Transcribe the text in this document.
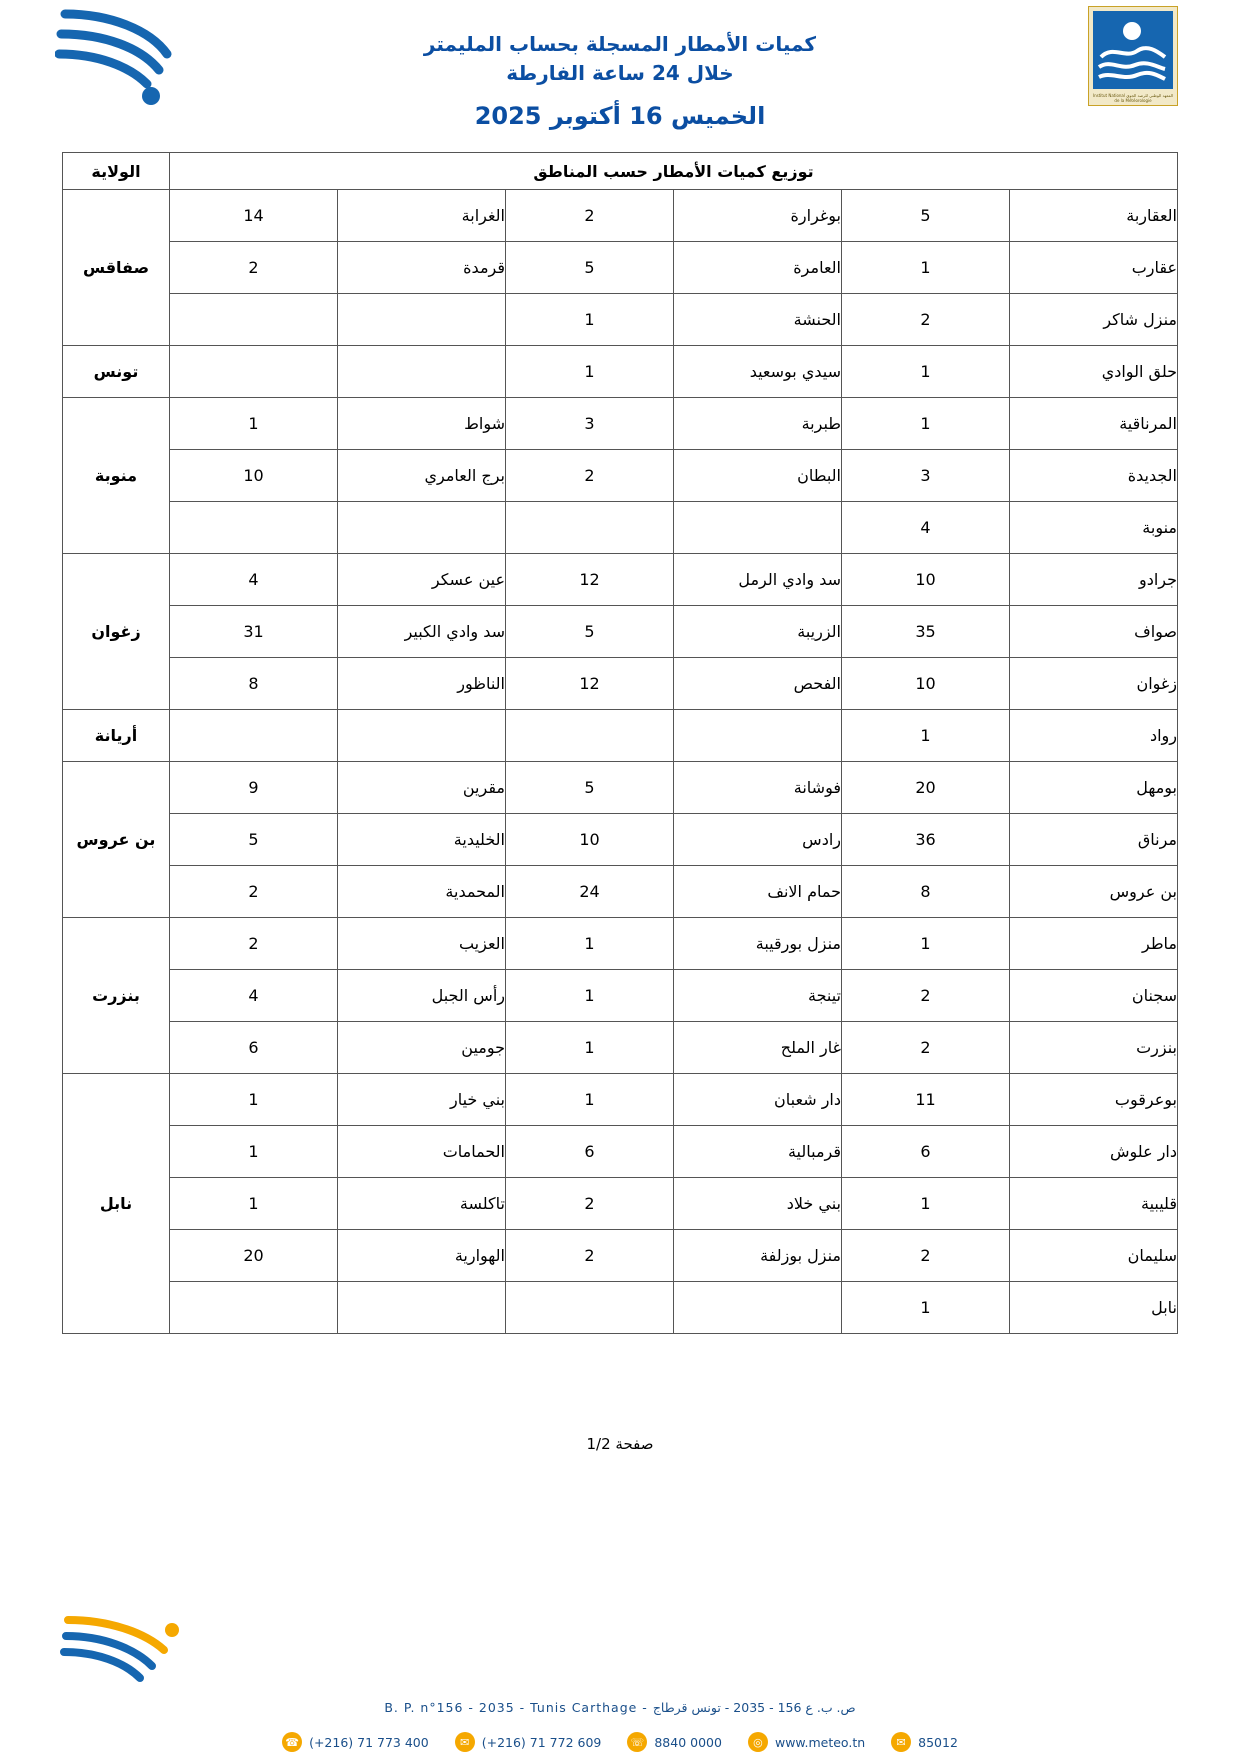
كميات الأمطار المسجلة بحساب المليمتر
خلال 24 ساعة الفارطة
الخميس 16 أكتوبر 2025
المعهد الوطني للرصد الجوي Institut National de la Météorologie
توزيع كميات الأمطار حسب المناطق						الولاية
العقاربة	5	بوغرارة	2	الغرابة	14	صفاقس
عقارب	1	العامرة	5	قرمدة	2	
منزل شاكر	2	الحنشة	1			
حلق الوادي	1	سيدي بوسعيد	1			تونس
المرناقية	1	طبربة	3	شواط	1	منوبة
الجديدة	3	البطان	2	برج العامري	10	
منوبة	4					
جرادو	10	سد وادي الرمل	12	عين عسكر	4	زغوان
صواف	35	الزريبة	5	سد وادي الكبير	31	
زغوان	10	الفحص	12	الناظور	8	
رواد	1					أريانة
بومهل	20	فوشانة	5	مقرين	9	بن عروس
مرناق	36	رادس	10	الخليدية	5	
بن عروس	8	حمام الانف	24	المحمدية	2	
ماطر	1	منزل بورقيبة	1	العزيب	2	بنزرت
سجنان	2	تينجة	1	رأس الجبل	4	
بنزرت	2	غار الملح	1	جومين	6	
بوعرقوب	11	دار شعبان	1	بني خيار	1	نابل
دار علوش	6	قرمبالية	6	الحمامات	1	
قليبية	1	بني خلاد	2	تاكلسة	1	
سليمان	2	منزل بوزلفة	2	الهوارية	20	
نابل	1					
صفحة 1/2
B. P. n°156 - 2035 - Tunis Carthage - ص. ب. ع 156 - 2035 - تونس قرطاج
☎ (+216) 71 773 400	✉ (+216) 71 772 609	☏ 8840 0000	◎ www.meteo.tn	✉ 85012
